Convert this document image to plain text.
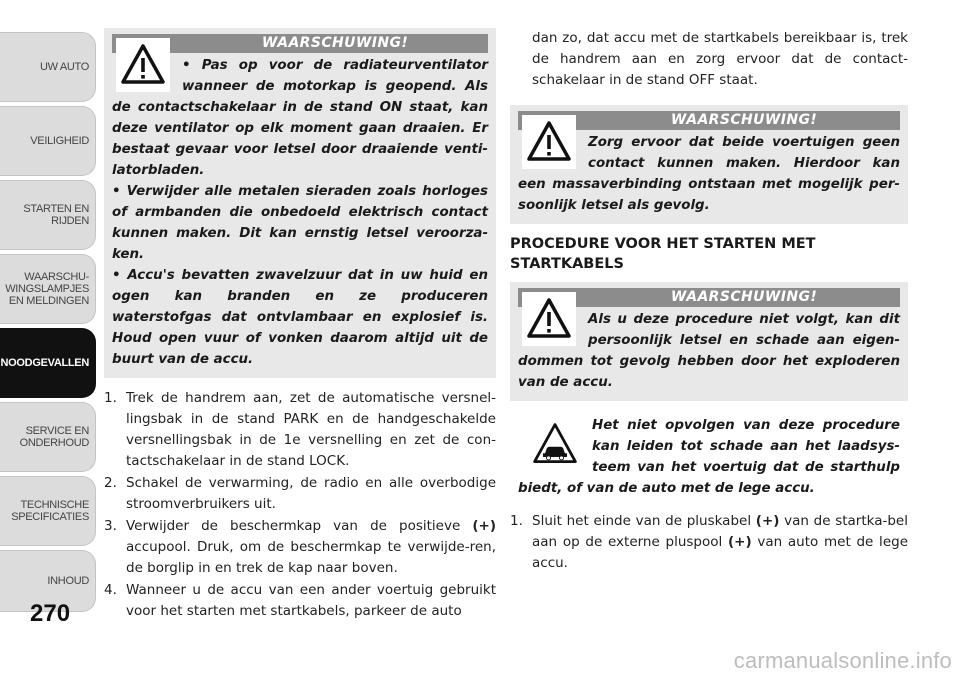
UW AUTO
VEILIGHEID
STARTEN EN
RIJDEN
WAARSCHU-
WINGSLAMPJES
EN MELDINGEN
NOODGEVALLEN
SERVICE EN
ONDERHOUD
TECHNISCHE
SPECIFICATIES
INHOUD
270
WAARSCHUWING!

• Pas op voor de radiateurventilator wanneer de motorkap is geopend. Als de contactschakelaar in de stand ON staat, kan deze ventilator op elk moment gaan draaien. Er bestaat gevaar voor letsel door draaiende venti-latorbladen.

• Verwijder alle metalen sieraden zoals horloges of armbanden die onbedoeld elektrisch contact kunnen maken. Dit kan ernstig letsel veroorza-ken.

• Accu's bevatten zwavelzuur dat in uw huid en ogen kan branden en ze produceren waterstofgas dat ontvlambaar en explosief is. Houd open vuur of vonken daarom altijd uit de buurt van de accu.

1. Trek de handrem aan, zet de automatische versnel-lingsbak in de stand PARK en de handgeschakelde versnellingsbak in de 1e versnelling en zet de con-tactschakelaar in de stand LOCK.
2. Schakel de verwarming, de radio en alle overbodige stroomverbruikers uit.
3. Verwijder de beschermkap van de positieve (+) accupool. Druk, om de beschermkap te verwijde-ren, de borglip in en trek de kap naar boven.
4. Wanneer u de accu van een ander voertuig gebruikt voor het starten met startkabels, parkeer de auto
dan zo, dat accu met de startkabels bereikbaar is, trek de handrem aan en zorg ervoor dat de contact-schakelaar in de stand OFF staat.
WAARSCHUWING!

Zorg ervoor dat beide voertuigen geen contact kunnen maken. Hierdoor kan een massaverbinding ontstaan met mogelijk per-soonlijk letsel als gevolg.

PROCEDURE VOOR HET STARTEN MET STARTKABELS

WAARSCHUWING!

Als u deze procedure niet volgt, kan dit persoonlijk letsel en schade aan eigen-dommen tot gevolg hebben door het exploderen van de accu.

Het niet opvolgen van deze procedure kan leiden tot schade aan het laadsys-teem van het voertuig dat de starthulp biedt, of van de auto met de lege accu.

1. Sluit het einde van de pluskabel (+) van de startka-bel aan op de externe pluspool (+) van auto met de lege accu.
carmanualsonline.info
